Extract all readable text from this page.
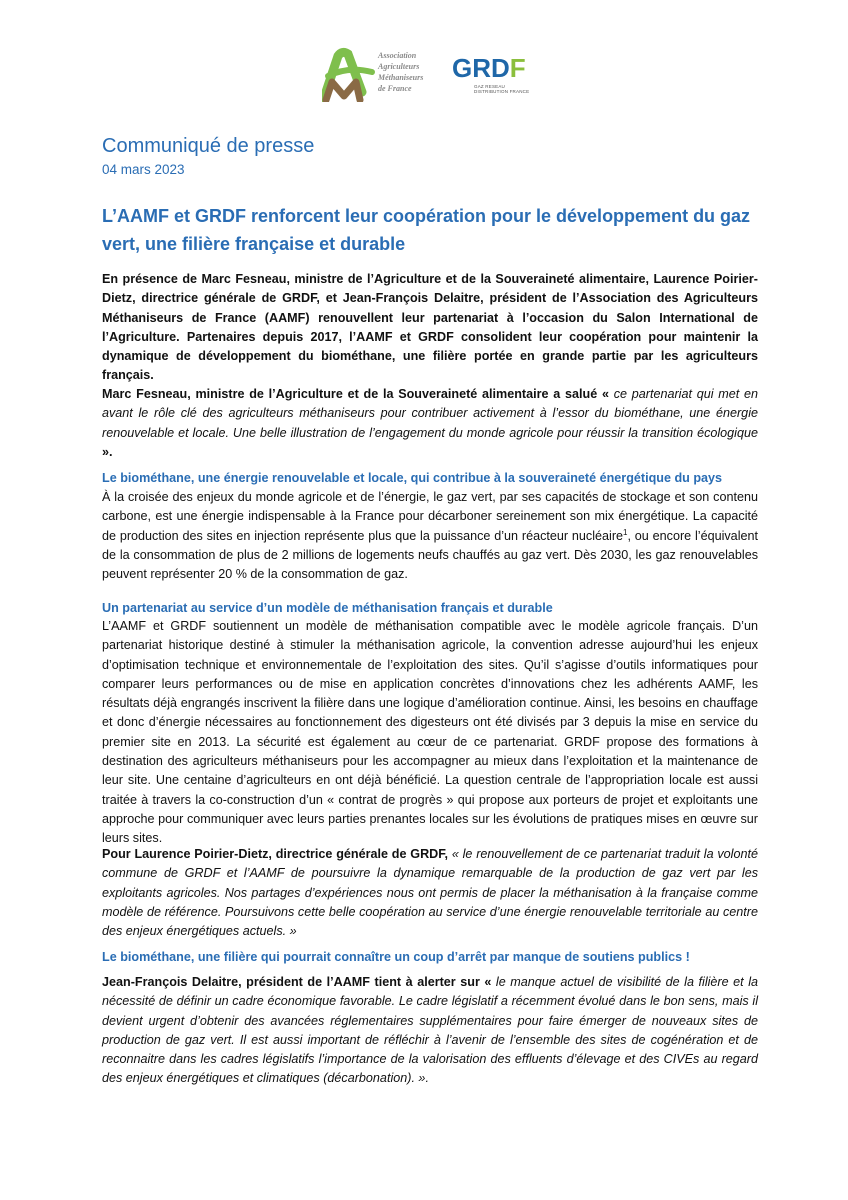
Association
Agriculteurs
Méthaniseurs
de France
GRDF
GAZ RESEAU
DISTRIBUTION FRANCE
Communiqué de presse
04 mars 2023
L’AAMF et GRDF renforcent leur coopération pour le développement du gaz vert, une filière française et durable
En présence de Marc Fesneau, ministre de l’Agriculture et de la Souveraineté alimentaire, Laurence Poirier-Dietz, directrice générale de GRDF, et Jean-François Delaitre, président de l’Association des Agriculteurs Méthaniseurs de France (AAMF) renouvellent leur partenariat à l’occasion du Salon International de l’Agriculture. Partenaires depuis 2017, l’AAMF et GRDF consolident leur coopération pour maintenir la dynamique de développement du biométhane, une filière portée en grande partie par les agriculteurs français.
Marc Fesneau, ministre de l’Agriculture et de la Souveraineté alimentaire a salué « ce partenariat qui met en avant le rôle clé des agriculteurs méthaniseurs pour contribuer activement à l’essor du biométhane, une énergie renouvelable et locale. Une belle illustration de l’engagement du monde agricole pour réussir la transition écologique ».
Le biométhane, une énergie renouvelable et locale, qui contribue à la souveraineté énergétique du pays
À la croisée des enjeux du monde agricole et de l’énergie, le gaz vert, par ses capacités de stockage et son contenu carbone, est une énergie indispensable à la France pour décarboner sereinement son mix énergétique. La capacité de production des sites en injection représente plus que la puissance d’un réacteur nucléaire$^1$, ou encore l’équivalent de la consommation de plus de 2 millions de logements neufs chauffés au gaz vert. Dès 2030, les gaz renouvelables peuvent représenter 20 % de la consommation de gaz.
Un partenariat au service d’un modèle de méthanisation français et durable
L’AAMF et GRDF soutiennent un modèle de méthanisation compatible avec le modèle agricole français. D’un partenariat historique destiné à stimuler la méthanisation agricole, la convention adresse aujourd’hui les enjeux d’optimisation technique et environnementale de l’exploitation des sites. Qu’il s’agisse d’outils informatiques pour comparer leurs performances ou de mise en application concrètes d’innovations chez les adhérents AAMF, les résultats déjà engrangés inscrivent la filière dans une logique d’amélioration continue. Ainsi, les besoins en chauffage et donc d’énergie nécessaires au fonctionnement des digesteurs ont été divisés par 3 depuis la mise en service du premier site en 2013. La sécurité est également au cœur de ce partenariat. GRDF propose des formations à destination des agriculteurs méthaniseurs pour les accompagner au mieux dans l’exploitation et la maintenance de leur site. Une centaine d’agriculteurs en ont déjà bénéficié. La question centrale de l’appropriation locale est aussi traitée à travers la co-construction d’un « contrat de progrès » qui propose aux porteurs de projet et exploitants une approche pour communiquer avec leurs parties prenantes locales sur les évolutions de pratiques mises en œuvre sur leurs sites.
Pour Laurence Poirier-Dietz, directrice générale de GRDF, « le renouvellement de ce partenariat traduit la volonté commune de GRDF et l’AAMF de poursuivre la dynamique remarquable de la production de gaz vert par les exploitants agricoles. Nos partages d’expériences nous ont permis de placer la méthanisation à la française comme modèle de référence. Poursuivons cette belle coopération au service d’une énergie renouvelable territoriale au centre des enjeux énergétiques actuels. »
Le biométhane, une filière qui pourrait connaître un coup d’arrêt par manque de soutiens publics !
Jean-François Delaitre, président de l’AAMF tient à alerter sur « le manque actuel de visibilité de la filière et la nécessité de définir un cadre économique favorable. Le cadre législatif a récemment évolué dans le bon sens, mais il devient urgent d’obtenir des avancées réglementaires supplémentaires pour faire émerger de nouveaux sites de production de gaz vert. Il est aussi important de réfléchir à l’avenir de l’ensemble des sites de cogénération et de reconnaitre dans les cadres législatifs l’importance de la valorisation des effluents d’élevage et des CIVEs au regard des enjeux énergétiques et climatiques (décarbonation). ».
